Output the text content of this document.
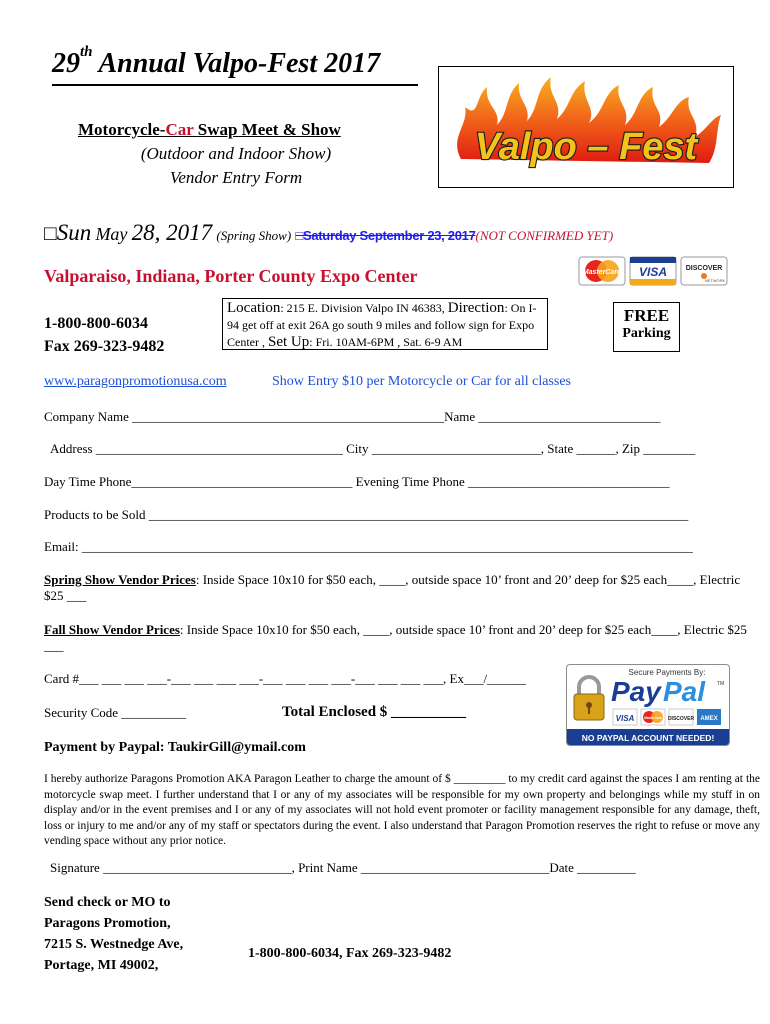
29th Annual Valpo-Fest 2017
Motorcycle-Car Swap Meet & Show
(Outdoor and Indoor Show)
Vendor Entry Form
Valpo – Fest
□Sun May 28, 2017 (Spring Show) □Saturday September 23, 2017(NOT CONFIRMED YET)
Valparaiso, Indiana, Porter County Expo Center	MasterCard VISA	DISCOVER
NETWORK
1-800-800-6034
Fax 269-323-9482
Location: 215 E. Division Valpo IN 46383, Direction: On I-94 get off at exit 26A go south 9 miles and follow sign for Expo Center , Set Up: Fri. 10AM-6PM , Sat. 6-9 AM
FREE
Parking
www.paragonpromotionusa.com	Show Entry $10 per Motorcycle or Car for all classes
Company Name ________________________________________________Name ____________________________
Address ______________________________________ City __________________________, State ______, Zip ________
Day Time Phone__________________________________ Evening Time Phone _______________________________
Products to be Sold ___________________________________________________________________________________
Email: ______________________________________________________________________________________________
Spring Show Vendor Prices: Inside Space 10x10 for $50 each, ____, outside space 10’ front and 20’ deep for $25 each____, Electric $25 ___
Fall Show Vendor Prices: Inside Space 10x10 for $50 each, ____, outside space 10’ front and 20’ deep for $25 each____, Electric $25 ___
Card #___ ___ ___ ___-___ ___ ___ ___-___ ___ ___ ___-___ ___ ___ ___, Ex___/______
Security Code __________	Total Enclosed $ __________
Secure Payments By:
Pay Pal TM
VISA	MasterCard DISCOVER AMEX
NO PAYPAL ACCOUNT NEEDED!
Payment by Paypal: TaukirGill@ymail.com
I hereby authorize Paragons Promotion AKA Paragon Leather to charge the amount of $ _________ to my credit card against the spaces I am renting at the motorcycle swap meet. I further understand that I or any of my associates will be responsible for my own property and belongings while my stuff in on display and/or in the event premises and I or any of my associates will not hold event promoter or facility management responsible for any damage, theft, loss or injury to me and/or any of my staff or spectators during the event. I also understand that Paragon Promotion reserves the right to refuse or move any vending space without any prior notice.
Signature _____________________________, Print Name _____________________________Date _________
Send check or MO to
Paragons Promotion,
7215 S. Westnedge Ave,
Portage, MI 49002,
1-800-800-6034, Fax 269-323-9482
